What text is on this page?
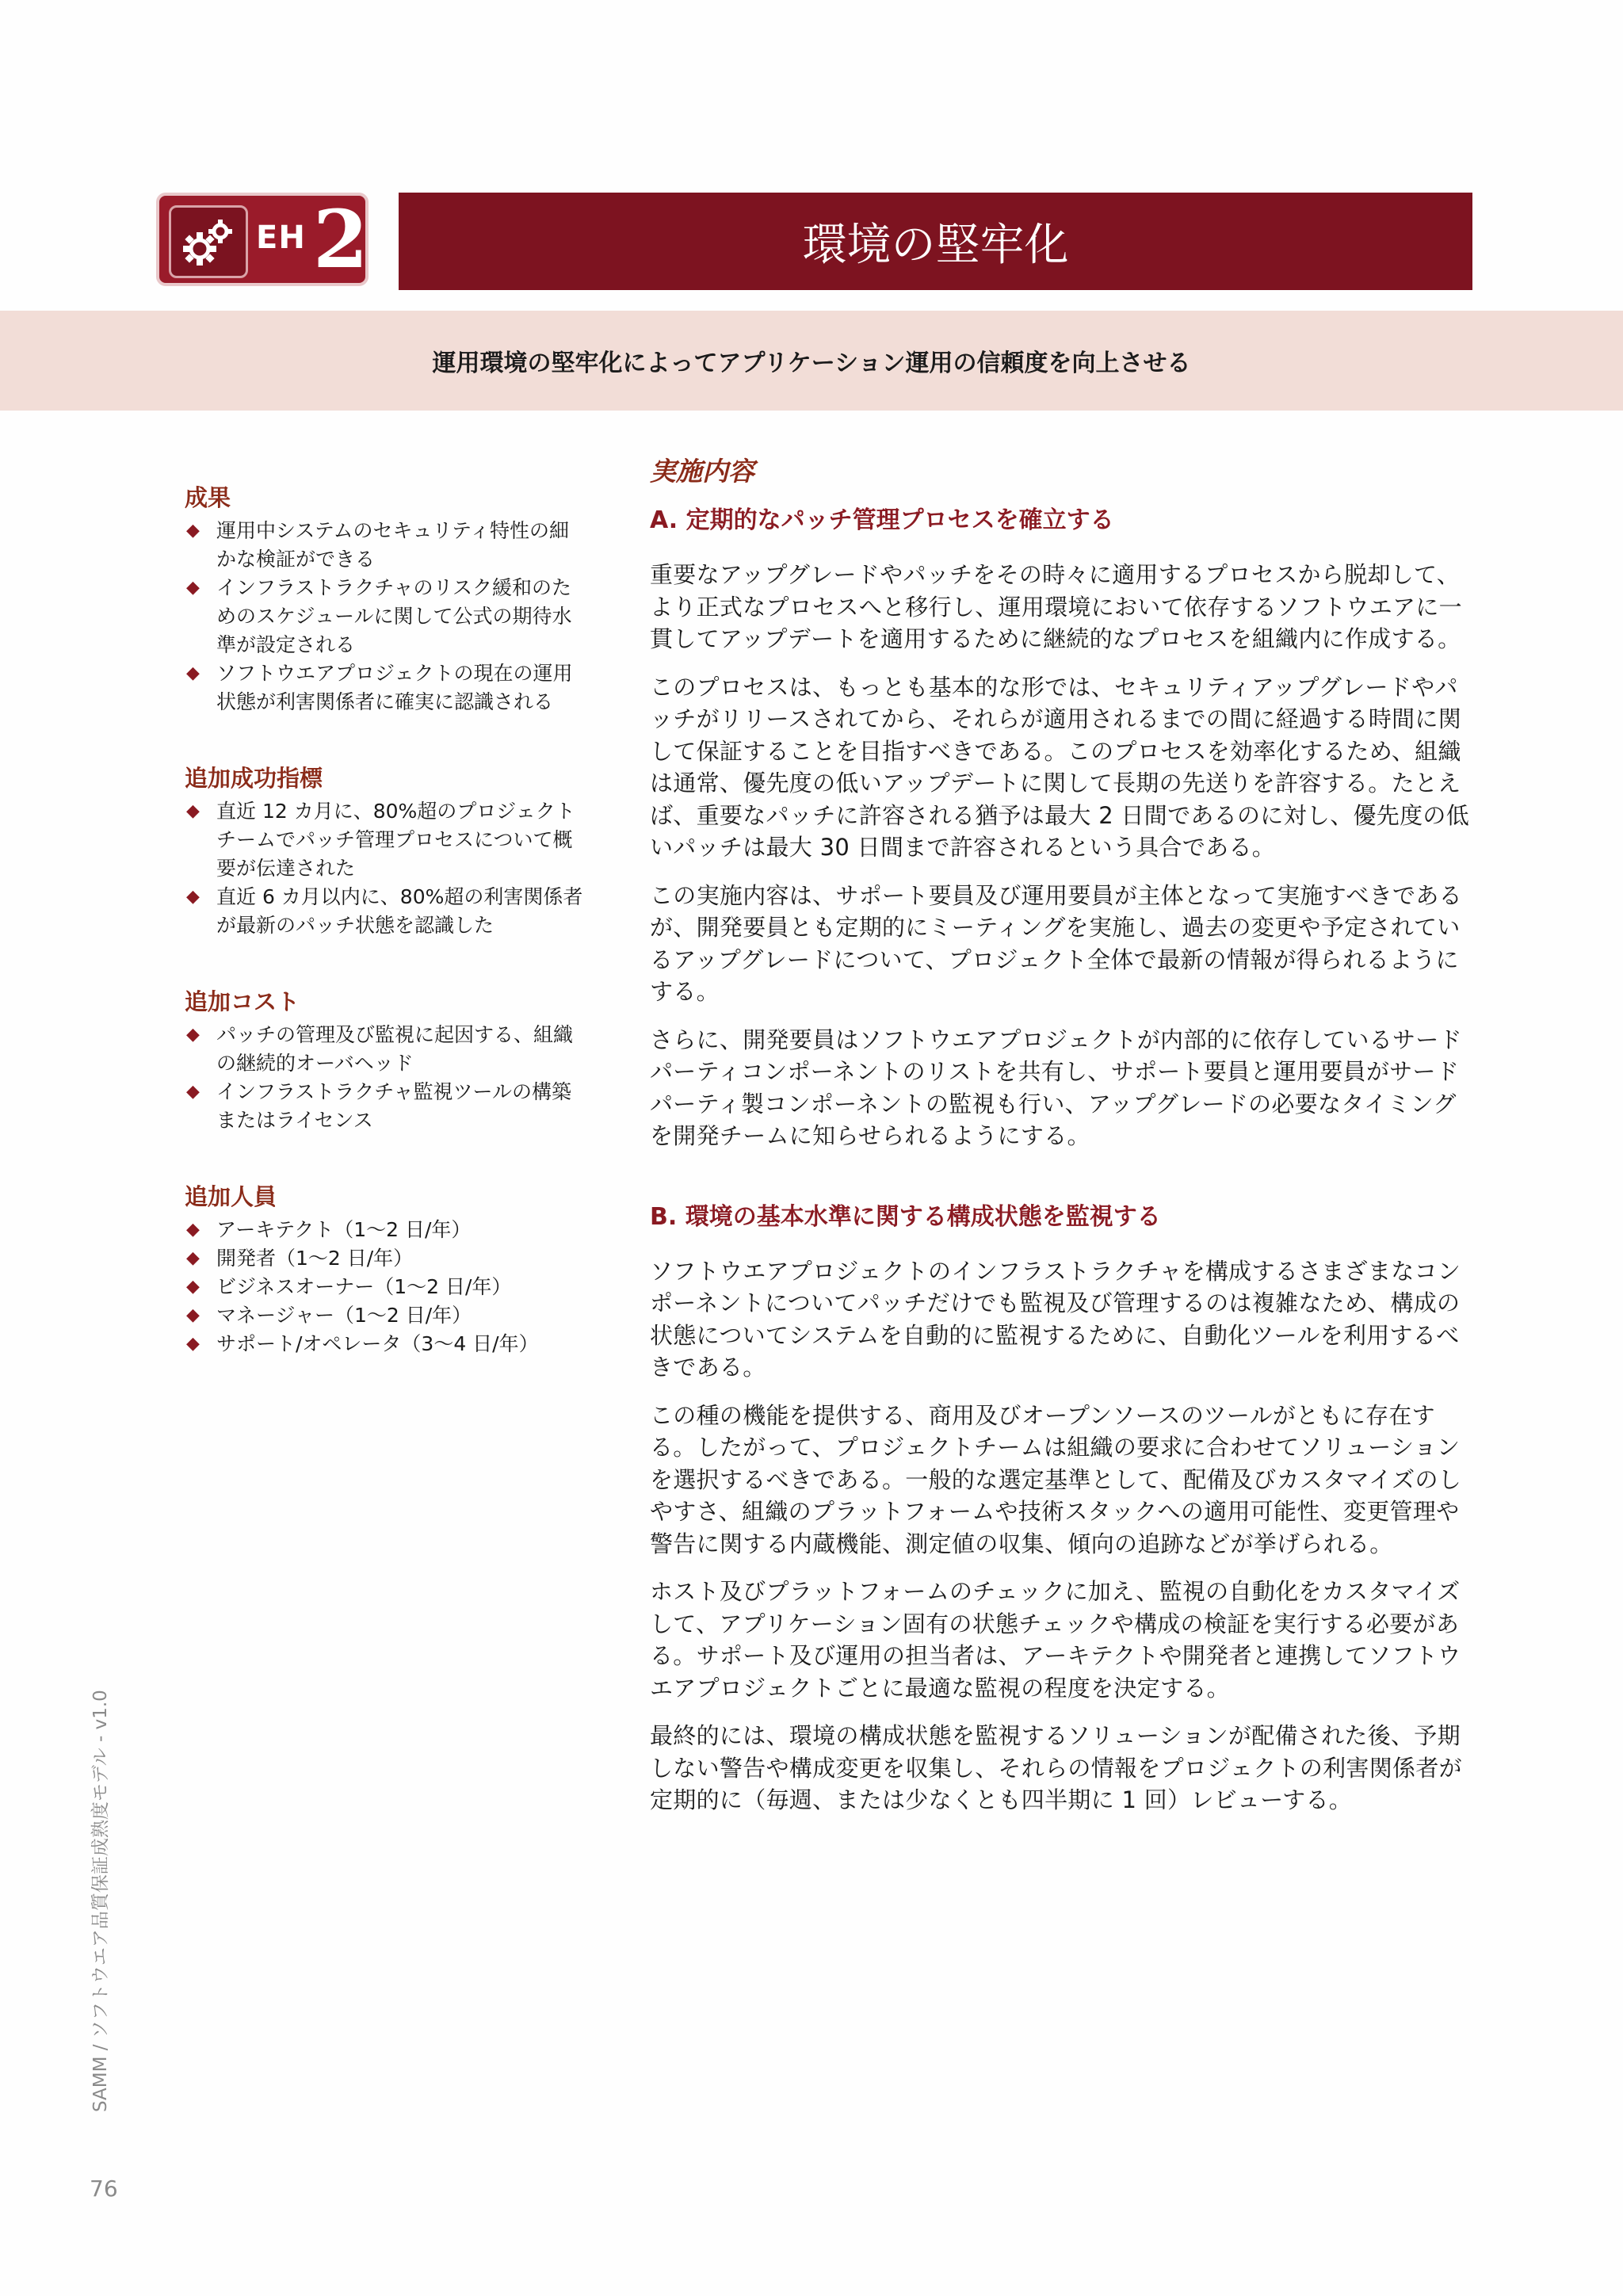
EH 2	環境の堅牢化
運用環境の堅牢化によってアプリケーション運用の信頼度を向上させる
成果
◆ 運用中システムのセキュリティ特性の細かな検証ができる
◆ インフラストラクチャのリスク緩和のためのスケジュールに関して公式の期待水準が設定される
◆ ソフトウエアプロジェクトの現在の運用状態が利害関係者に確実に認識される
追加成功指標
◆ 直近 12 カ月に、80%超のプロジェクトチームでパッチ管理プロセスについて概要が伝達された
◆ 直近 6 カ月以内に、80%超の利害関係者が最新のパッチ状態を認識した
追加コスト
◆ パッチの管理及び監視に起因する、組織の継続的オーバヘッド
◆ インフラストラクチャ監視ツールの構築またはライセンス
追加人員
◆ アーキテクト（1〜2 日/年）
◆ 開発者（1〜2 日/年）
◆ ビジネスオーナー（1〜2 日/年）
◆ マネージャー（1〜2 日/年）
◆ サポート/オペレータ（3〜4 日/年）
実施内容
A. 定期的なパッチ管理プロセスを確立する

重要なアップグレードやパッチをその時々に適用するプロセスから脱却して、より正式なプロセスへと移行し、運用環境において依存するソフトウエアに一貫してアップデートを適用するために継続的なプロセスを組織内に作成する。

このプロセスは、もっとも基本的な形では、セキュリティアップグレードやパッチがリリースされてから、それらが適用されるまでの間に経過する時間に関して保証することを目指すべきである。このプロセスを効率化するため、組織は通常、優先度の低いアップデートに関して長期の先送りを許容する。たとえば、重要なパッチに許容される猶予は最大 2 日間であるのに対し、優先度の低いパッチは最大 30 日間まで許容されるという具合である。

この実施内容は、サポート要員及び運用要員が主体となって実施すべきであるが、開発要員とも定期的にミーティングを実施し、過去の変更や予定されているアップグレードについて、プロジェクト全体で最新の情報が得られるようにする。

さらに、開発要員はソフトウエアプロジェクトが内部的に依存しているサードパーティコンポーネントのリストを共有し、サポート要員と運用要員がサードパーティ製コンポーネントの監視も行い、アップグレードの必要なタイミングを開発チームに知らせられるようにする。

B. 環境の基本水準に関する構成状態を監視する

ソフトウエアプロジェクトのインフラストラクチャを構成するさまざまなコンポーネントについてパッチだけでも監視及び管理するのは複雑なため、構成の状態についてシステムを自動的に監視するために、自動化ツールを利用するべきである。

この種の機能を提供する、商用及びオープンソースのツールがともに存在する。したがって、プロジェクトチームは組織の要求に合わせてソリューションを選択するべきである。一般的な選定基準として、配備及びカスタマイズのしやすさ、組織のプラットフォームや技術スタックへの適用可能性、変更管理や警告に関する内蔵機能、測定値の収集、傾向の追跡などが挙げられる。

ホスト及びプラットフォームのチェックに加え、監視の自動化をカスタマイズして、アプリケーション固有の状態チェックや構成の検証を実行する必要がある。サポート及び運用の担当者は、アーキテクトや開発者と連携してソフトウエアプロジェクトごとに最適な監視の程度を決定する。

最終的には、環境の構成状態を監視するソリューションが配備された後、予期しない警告や構成変更を収集し、それらの情報をプロジェクトの利害関係者が定期的に（毎週、または少なくとも四半期に 1 回）レビューする。

SAMM / ソフトウエア品質保証成熟度モデル - v1.0
76
